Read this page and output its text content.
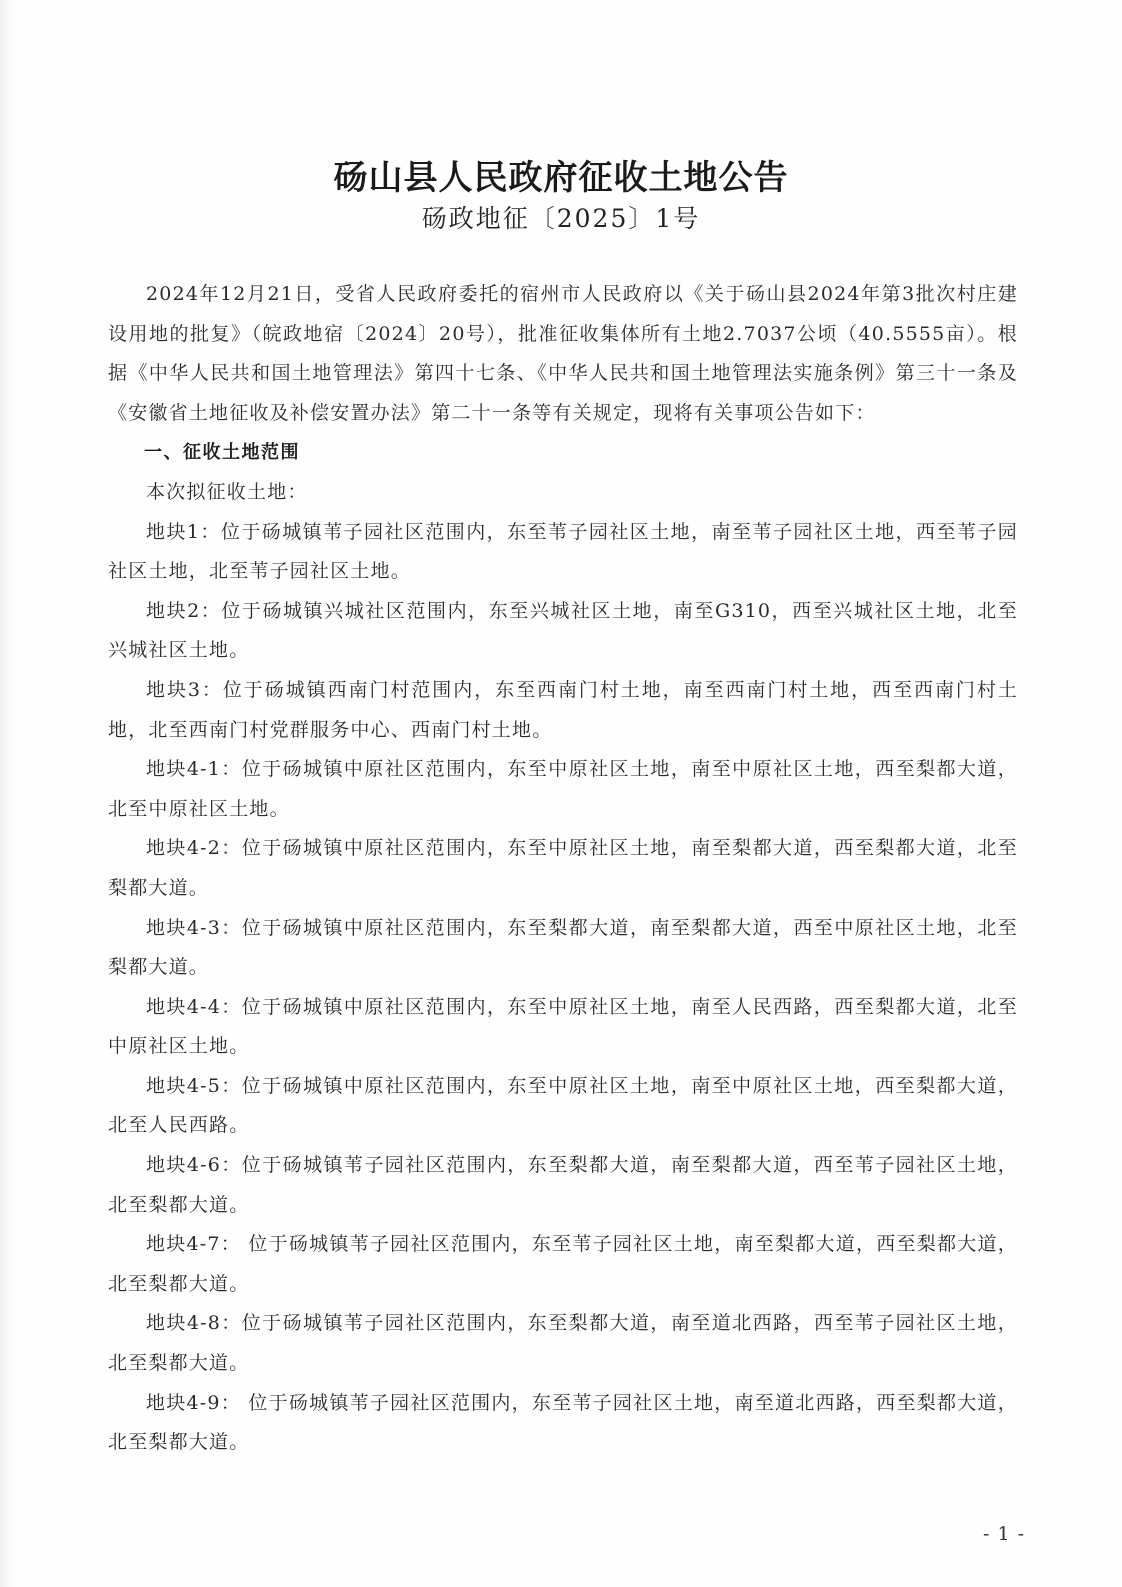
砀山县人民政府征收土地公告
砀政地征〔2025〕1号

2024年12月21日，受省人民政府委托的宿州市人民政府以《关于砀山县2024年第3批次村庄建设用地的批复》（皖政地宿〔2024〕20号），批准征收集体所有土地2.7037公顷（40.5555亩）。根据《中华人民共和国土地管理法》第四十七条、《中华人民共和国土地管理法实施条例》第三十一条及《安徽省土地征收及补偿安置办法》第二十一条等有关规定，现将有关事项公告如下：

一、征收土地范围

本次拟征收土地：

地块1：位于砀城镇苇子园社区范围内，东至苇子园社区土地，南至苇子园社区土地，西至苇子园社区土地，北至苇子园社区土地。

地块2：位于砀城镇兴城社区范围内，东至兴城社区土地，南至G310，西至兴城社区土地，北至兴城社区土地。

地块3：位于砀城镇西南门村范围内，东至西南门村土地，南至西南门村土地，西至西南门村土地，北至西南门村党群服务中心、西南门村土地。

地块4-1：位于砀城镇中原社区范围内，东至中原社区土地，南至中原社区土地，西至梨都大道，北至中原社区土地。

地块4-2：位于砀城镇中原社区范围内，东至中原社区土地，南至梨都大道，西至梨都大道，北至梨都大道。

地块4-3：位于砀城镇中原社区范围内，东至梨都大道，南至梨都大道，西至中原社区土地，北至梨都大道。

地块4-4：位于砀城镇中原社区范围内，东至中原社区土地，南至人民西路，西至梨都大道，北至中原社区土地。

地块4-5：位于砀城镇中原社区范围内，东至中原社区土地，南至中原社区土地，西至梨都大道，北至人民西路。

地块4-6：位于砀城镇苇子园社区范围内，东至梨都大道，南至梨都大道，西至苇子园社区土地，北至梨都大道。

地块4-7： 位于砀城镇苇子园社区范围内，东至苇子园社区土地，南至梨都大道，西至梨都大道，北至梨都大道。

地块4-8：位于砀城镇苇子园社区范围内，东至梨都大道，南至道北西路，西至苇子园社区土地，北至梨都大道。

地块4-9： 位于砀城镇苇子园社区范围内，东至苇子园社区土地，南至道北西路，西至梨都大道，北至梨都大道。

- 1 -
